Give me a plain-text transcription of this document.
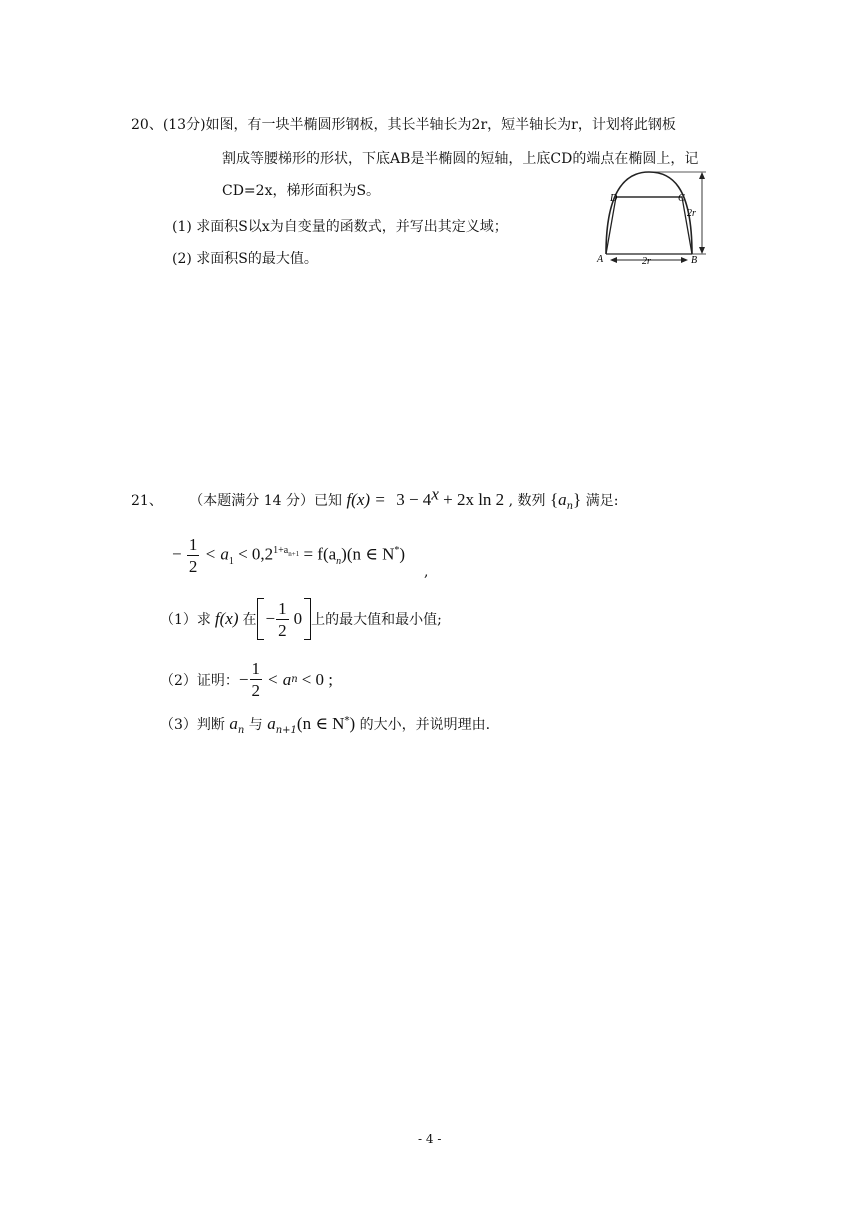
20、(13分)如图，有一块半椭圆形钢板，其长半轴长为2r，短半轴长为r，计划将此钢板
割成等腰梯形的形状，下底AB是半椭圆的短轴，上底CD的端点在椭圆上，记
CD=2x，梯形面积为S。
(1) 求面积S以x为自变量的函数式，并写出其定义域；
(2) 求面积S的最大值。
D	C
A	B
2r
2r
21、 （本题满分 14 分）已知 $f(x) = 3 - 4^x + 2x$ ln 2 , 数列 $\{a_n\}$ 满足:
− $\frac{1}{2} < a_1 < 0,2^{1+a_{n+1}} = f(a_n)(n$ ∈ N*)
,
（1）求 f(x) 在 − $\frac{1}{2} 0$ 上的最大值和最小值;
（2）证明： − $\frac{1}{2} < a$ n < 0 ;
（3）判断 $a_n$ 与 $a_{n+1}(n$ ∈ N*) 的大小，并说明理由.
- 4 -
